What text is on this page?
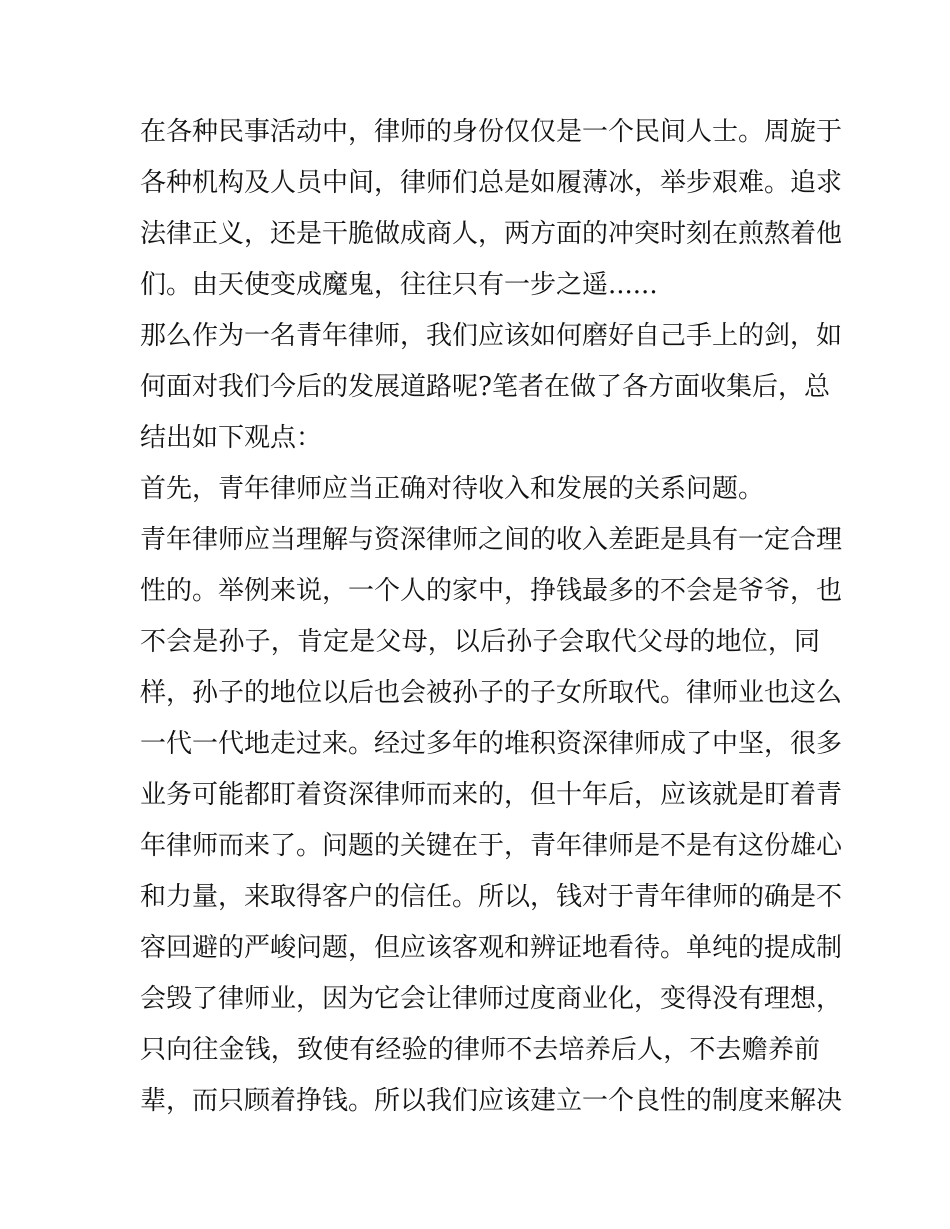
在各种民事活动中，律师的身份仅仅是一个民间人士。周旋于
各种机构及人员中间，律师们总是如履薄冰，举步艰难。追求
法律正义，还是干脆做成商人，两方面的冲突时刻在煎熬着他
们。由天使变成魔鬼，往往只有一步之遥......
那么作为一名青年律师，我们应该如何磨好自己手上的剑，如
何面对我们今后的发展道路呢?笔者在做了各方面收集后，总
结出如下观点：
首先，青年律师应当正确对待收入和发展的关系问题。
青年律师应当理解与资深律师之间的收入差距是具有一定合理
性的。举例来说，一个人的家中，挣钱最多的不会是爷爷，也
不会是孙子，肯定是父母，以后孙子会取代父母的地位，同
样，孙子的地位以后也会被孙子的子女所取代。律师业也这么
一代一代地走过来。经过多年的堆积资深律师成了中坚，很多
业务可能都盯着资深律师而来的，但十年后，应该就是盯着青
年律师而来了。问题的关键在于，青年律师是不是有这份雄心
和力量，来取得客户的信任。所以，钱对于青年律师的确是不
容回避的严峻问题，但应该客观和辨证地看待。单纯的提成制
会毁了律师业，因为它会让律师过度商业化，变得没有理想，
只向往金钱，致使有经验的律师不去培养后人，不去赡养前
辈，而只顾着挣钱。所以我们应该建立一个良性的制度来解决
